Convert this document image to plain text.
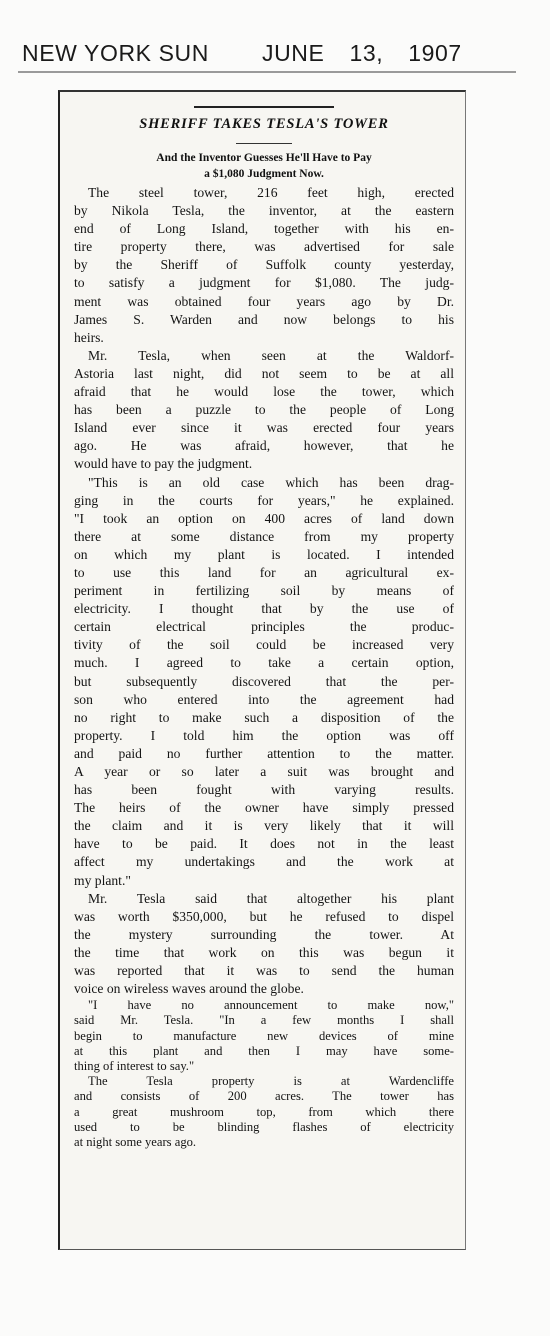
NEW YORK SUN JUNE 13, 1907
SHERIFF TAKES TESLA'S TOWER
And the Inventor Guesses He'll Have to Pay
a $1,080 Judgment Now.
The steel tower, 216 feet high, erected
by Nikola Tesla, the inventor, at the eastern
end of Long Island, together with his en-
tire property there, was advertised for sale
by the Sheriff of Suffolk county yesterday,
to satisfy a judgment for $1,080. The judg-
ment was obtained four years ago by Dr.
James S. Warden and now belongs to his
heirs.
Mr. Tesla, when seen at the Waldorf-
Astoria last night, did not seem to be at all
afraid that he would lose the tower, which
has been a puzzle to the people of Long
Island ever since it was erected four years
ago. He was afraid, however, that he
would have to pay the judgment.
"This is an old case which has been drag-
ging in the courts for years," he explained.
"I took an option on 400 acres of land down
there at some distance from my property
on which my plant is located. I intended
to use this land for an agricultural ex-
periment in fertilizing soil by means of
electricity. I thought that by the use of
certain electrical principles the produc-
tivity of the soil could be increased very
much. I agreed to take a certain option,
but subsequently discovered that the per-
son who entered into the agreement had
no right to make such a disposition of the
property. I told him the option was off
and paid no further attention to the matter.
A year or so later a suit was brought and
has been fought with varying results.
The heirs of the owner have simply pressed
the claim and it is very likely that it will
have to be paid. It does not in the least
affect my undertakings and the work at
my plant."
Mr. Tesla said that altogether his plant
was worth $350,000, but he refused to dispel
the mystery surrounding the tower. At
the time that work on this was begun it
was reported that it was to send the human
voice on wireless waves around the globe.
"I have no announcement to make now,"
said Mr. Tesla. "In a few months I shall
begin to manufacture new devices of mine
at this plant and then I may have some-
thing of interest to say."
The Tesla property is at Wardencliffe
and consists of 200 acres. The tower has
a great mushroom top, from which there
used to be blinding flashes of electricity
at night some years ago.
